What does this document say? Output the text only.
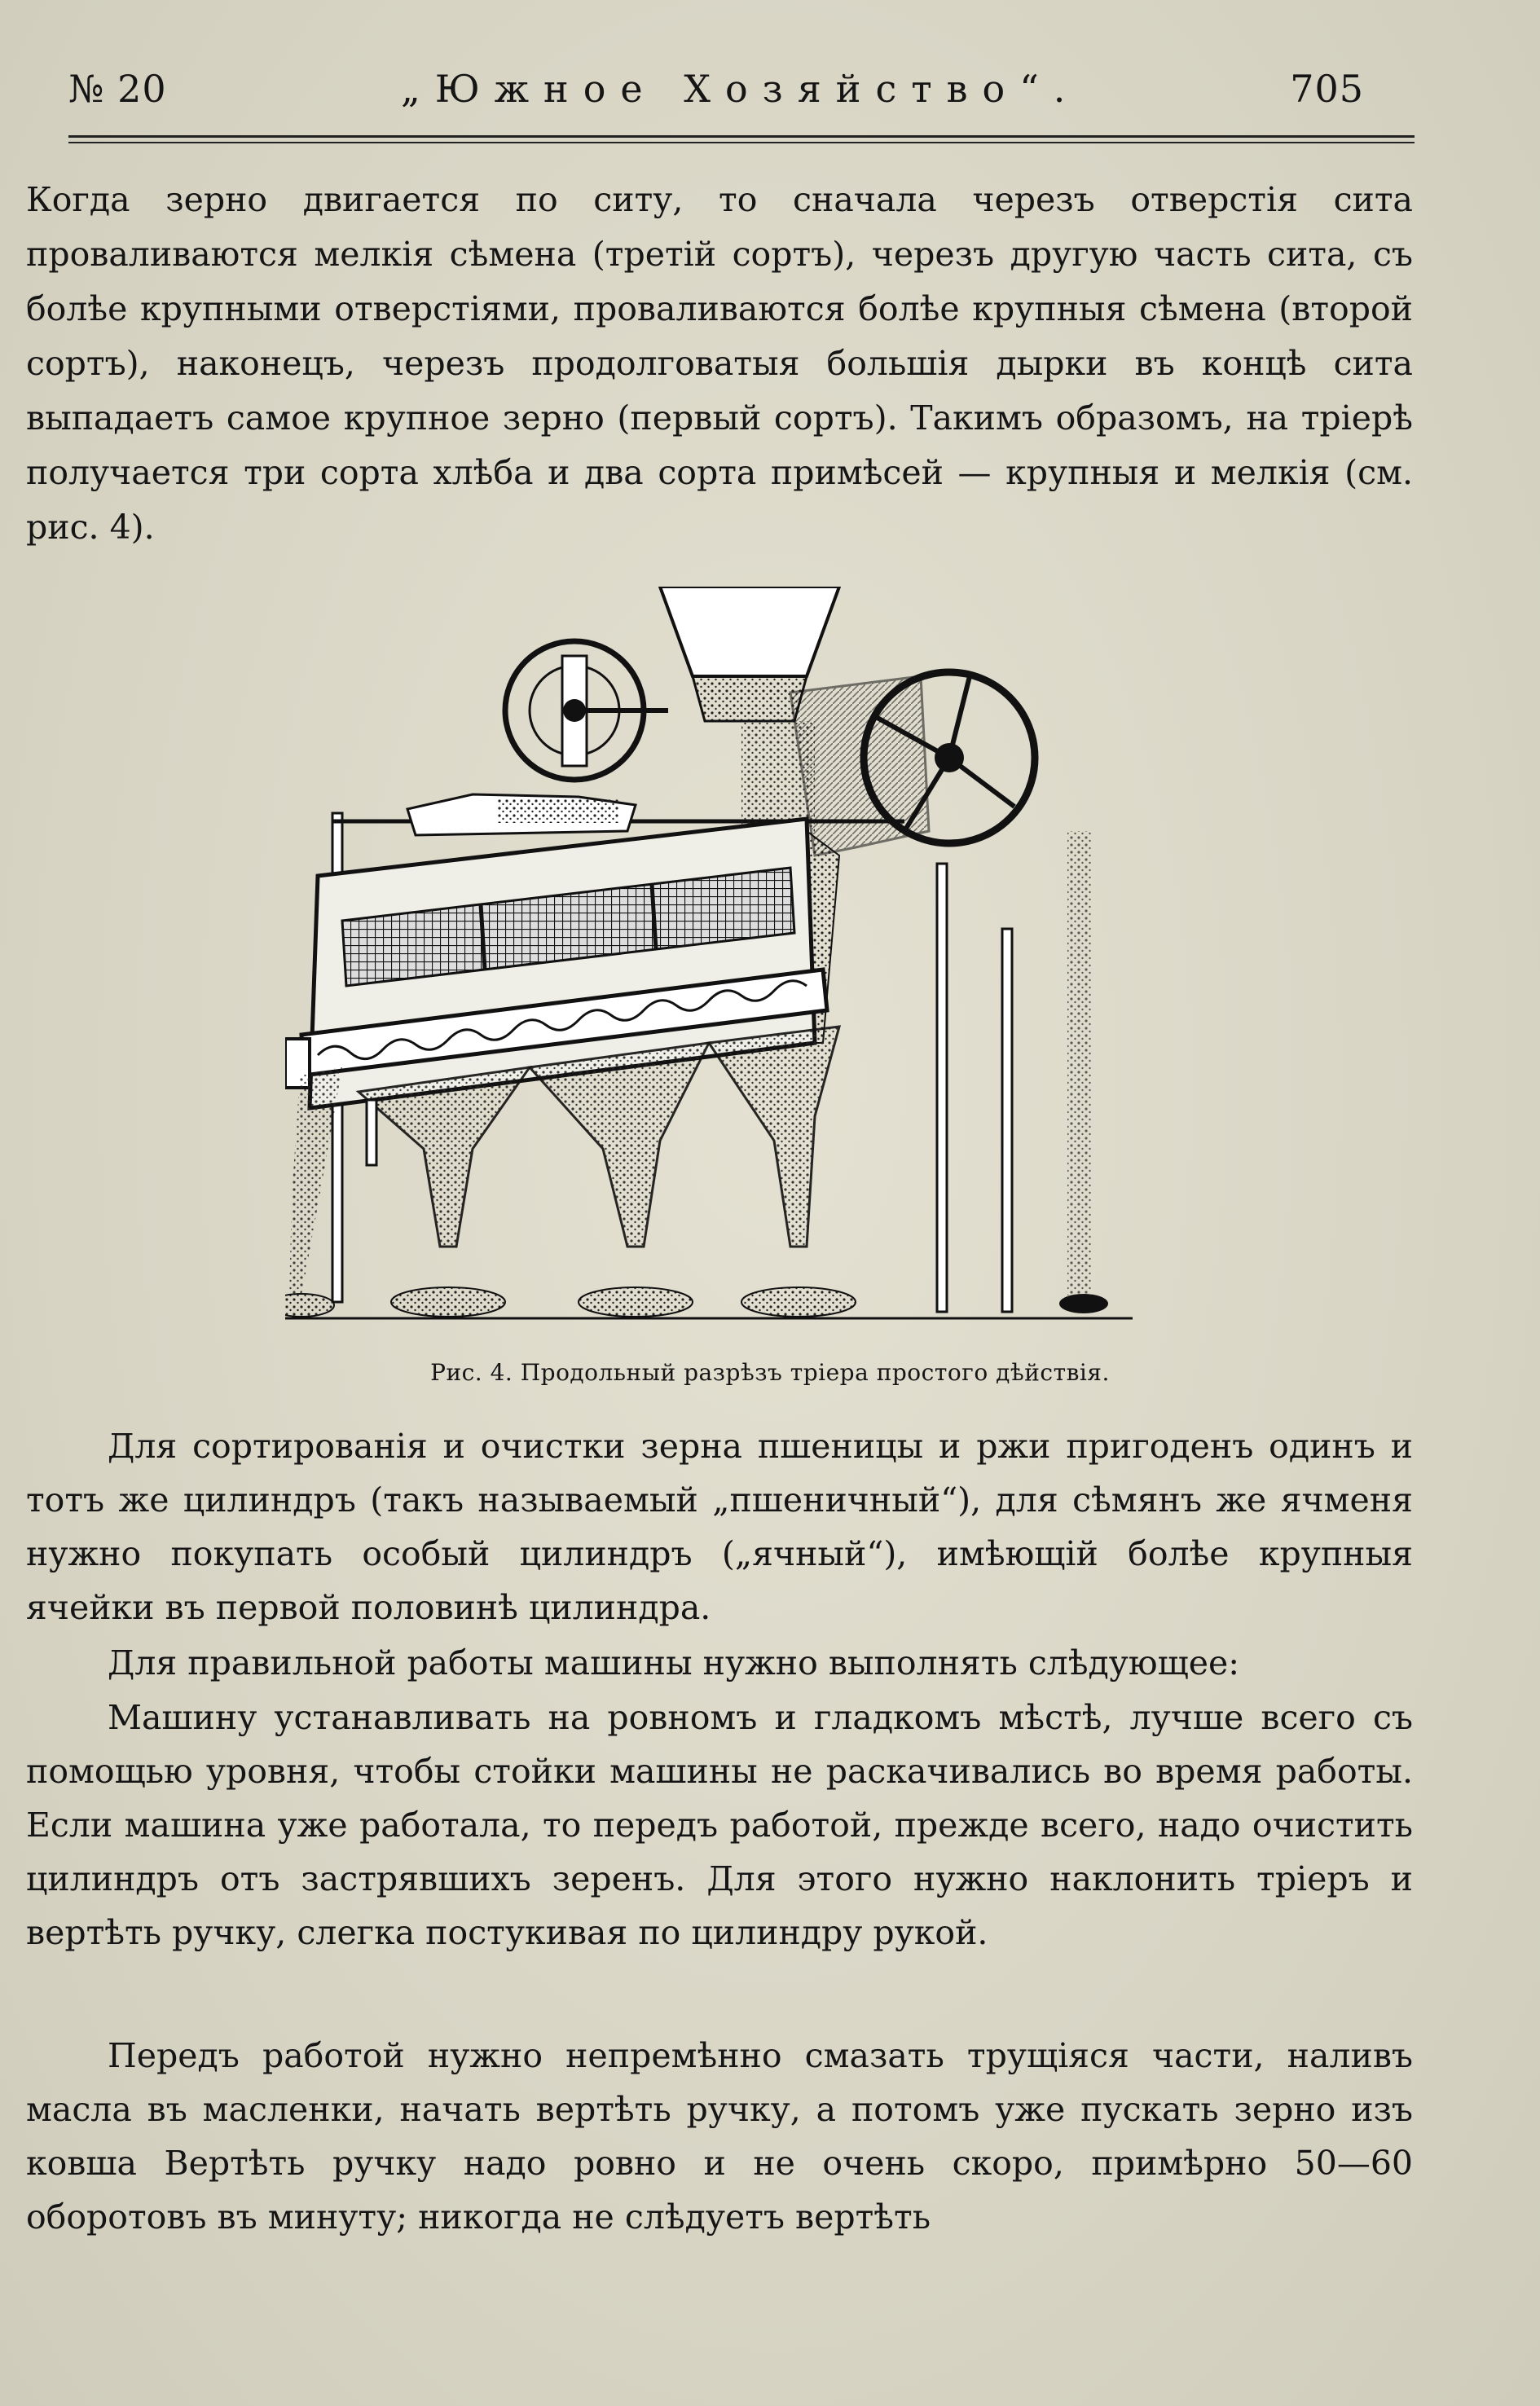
№ 20	„Южное Хозяйство“.	705
Когда зерно двигается по ситу, то сначала черезъ отверстія сита проваливаются мелкія сѣмена (третій сортъ), черезъ другую часть сита, съ болѣе крупными отверстіями, проваливаются болѣе крупныя сѣмена (второй сортъ), наконецъ, черезъ продолговатыя большія дырки въ концѣ сита выпадаетъ самое крупное зерно (первый сортъ). Такимъ образомъ, на тріерѣ получается три сорта хлѣба и два сорта примѣсей — крупныя и мелкія (см. рис. 4).
Рис. 4. Продольный разрѣзъ тріера простого дѣйствія.
Для сортированія и очистки зерна пшеницы и ржи пригоденъ одинъ и тотъ же цилиндръ (такъ называемый „пшеничный“), для сѣмянъ же ячменя нужно покупать особый цилиндръ („ячный“), имѣющій болѣе крупныя ячейки въ первой половинѣ цилиндра.
Для правильной работы машины нужно выполнять слѣдующее:
Машину устанавливать на ровномъ и гладкомъ мѣстѣ, лучше всего съ помощью уровня, чтобы стойки машины не раскачивались во время работы. Если машина уже работала, то передъ работой, прежде всего, надо очистить цилиндръ отъ застрявшихъ зеренъ. Для этого нужно наклонить тріеръ и вертѣть ручку, слегка постукивая по цилиндру рукой.
Передъ работой нужно непремѣнно смазать трущіяся части, наливъ масла въ масленки, начать вертѣть ручку, а потомъ уже пускать зерно изъ ковша Вертѣть ручку надо ровно и не очень скоро, примѣрно 50—60 оборотовъ въ минуту; никогда не слѣдуетъ вертѣть
